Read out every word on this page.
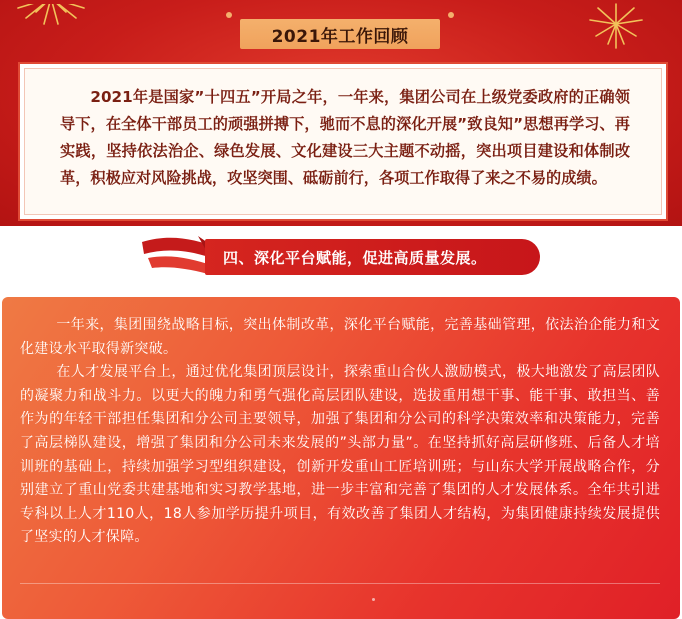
2021年工作回顾

2021年是国家”十四五”开局之年，一年来，集团公司在上级党委政府的正确领导下，在全体干部员工的顽强拼搏下，驰而不息的深化开展”致良知”思想再学习、再实践，坚持依法治企、绿色发展、文化建设三大主题不动摇，突出项目建设和体制改革，积极应对风险挑战，攻坚突围、砥砺前行，各项工作取得了来之不易的成绩。

四、深化平台赋能，促进高质量发展。

一年来，集团围绕战略目标，突出体制改革，深化平台赋能，完善基础管理，依法治企能力和文化建设水平取得新突破。

在人才发展平台上，通过优化集团顶层设计，探索重山合伙人激励模式，极大地激发了高层团队的凝聚力和战斗力。以更大的魄力和勇气强化高层团队建设，选拔重用想干事、能干事、敢担当、善作为的年轻干部担任集团和分公司主要领导，加强了集团和分公司的科学决策效率和决策能力，完善了高层梯队建设，增强了集团和分公司未来发展的”头部力量”。在坚持抓好高层研修班、后备人才培训班的基础上，持续加强学习型组织建设，创新开发重山工匠培训班；与山东大学开展战略合作，分别建立了重山党委共建基地和实习教学基地，进一步丰富和完善了集团的人才发展体系。全年共引进专科以上人才110人，18人参加学历提升项目，有效改善了集团人才结构，为集团健康持续发展提供了坚实的人才保障。
